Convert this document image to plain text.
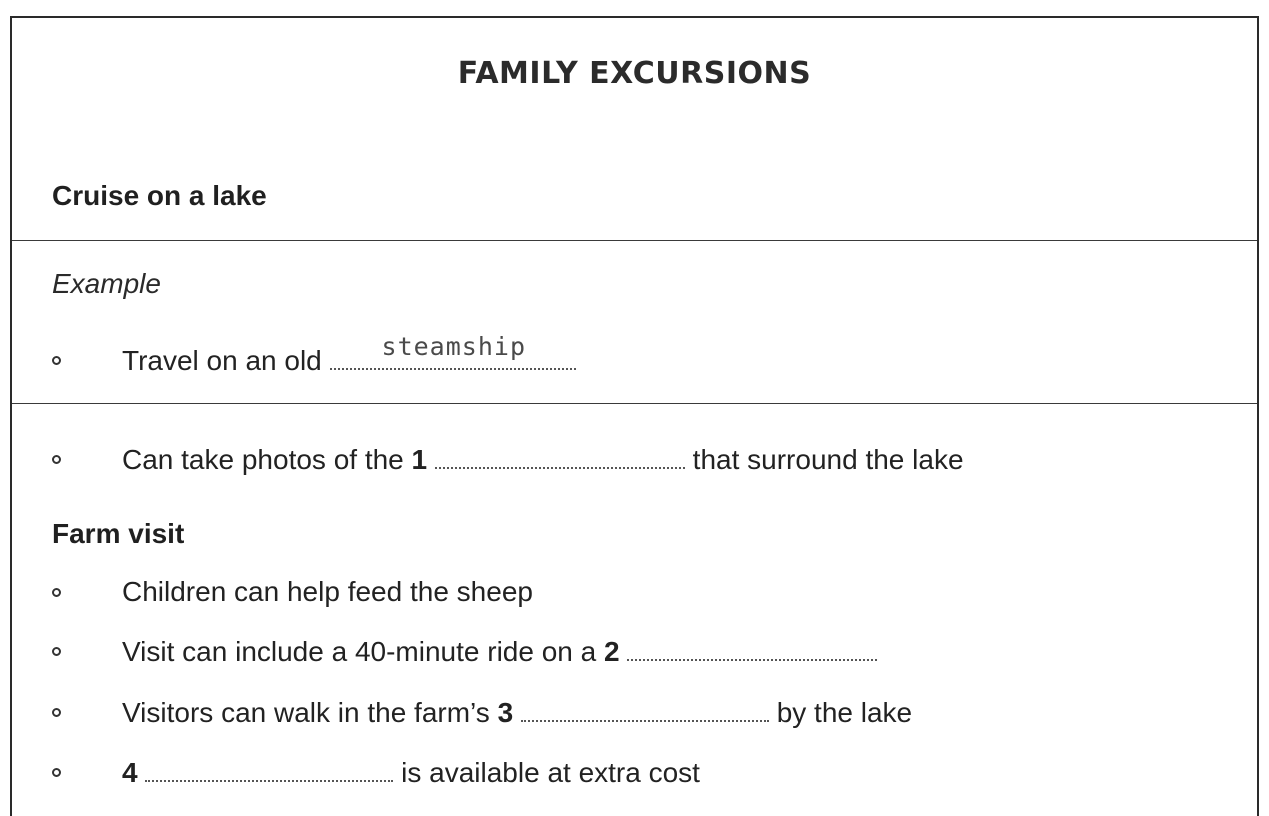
FAMILY EXCURSIONS
Cruise on a lake
Example
Travel on an old steamship
Can take photos of the 1	that surround the lake
Farm visit
Children can help feed the sheep
Visit can include a 40-minute ride on a 2
Visitors can walk in the farm’s 3	by the lake
4	is available at extra cost
